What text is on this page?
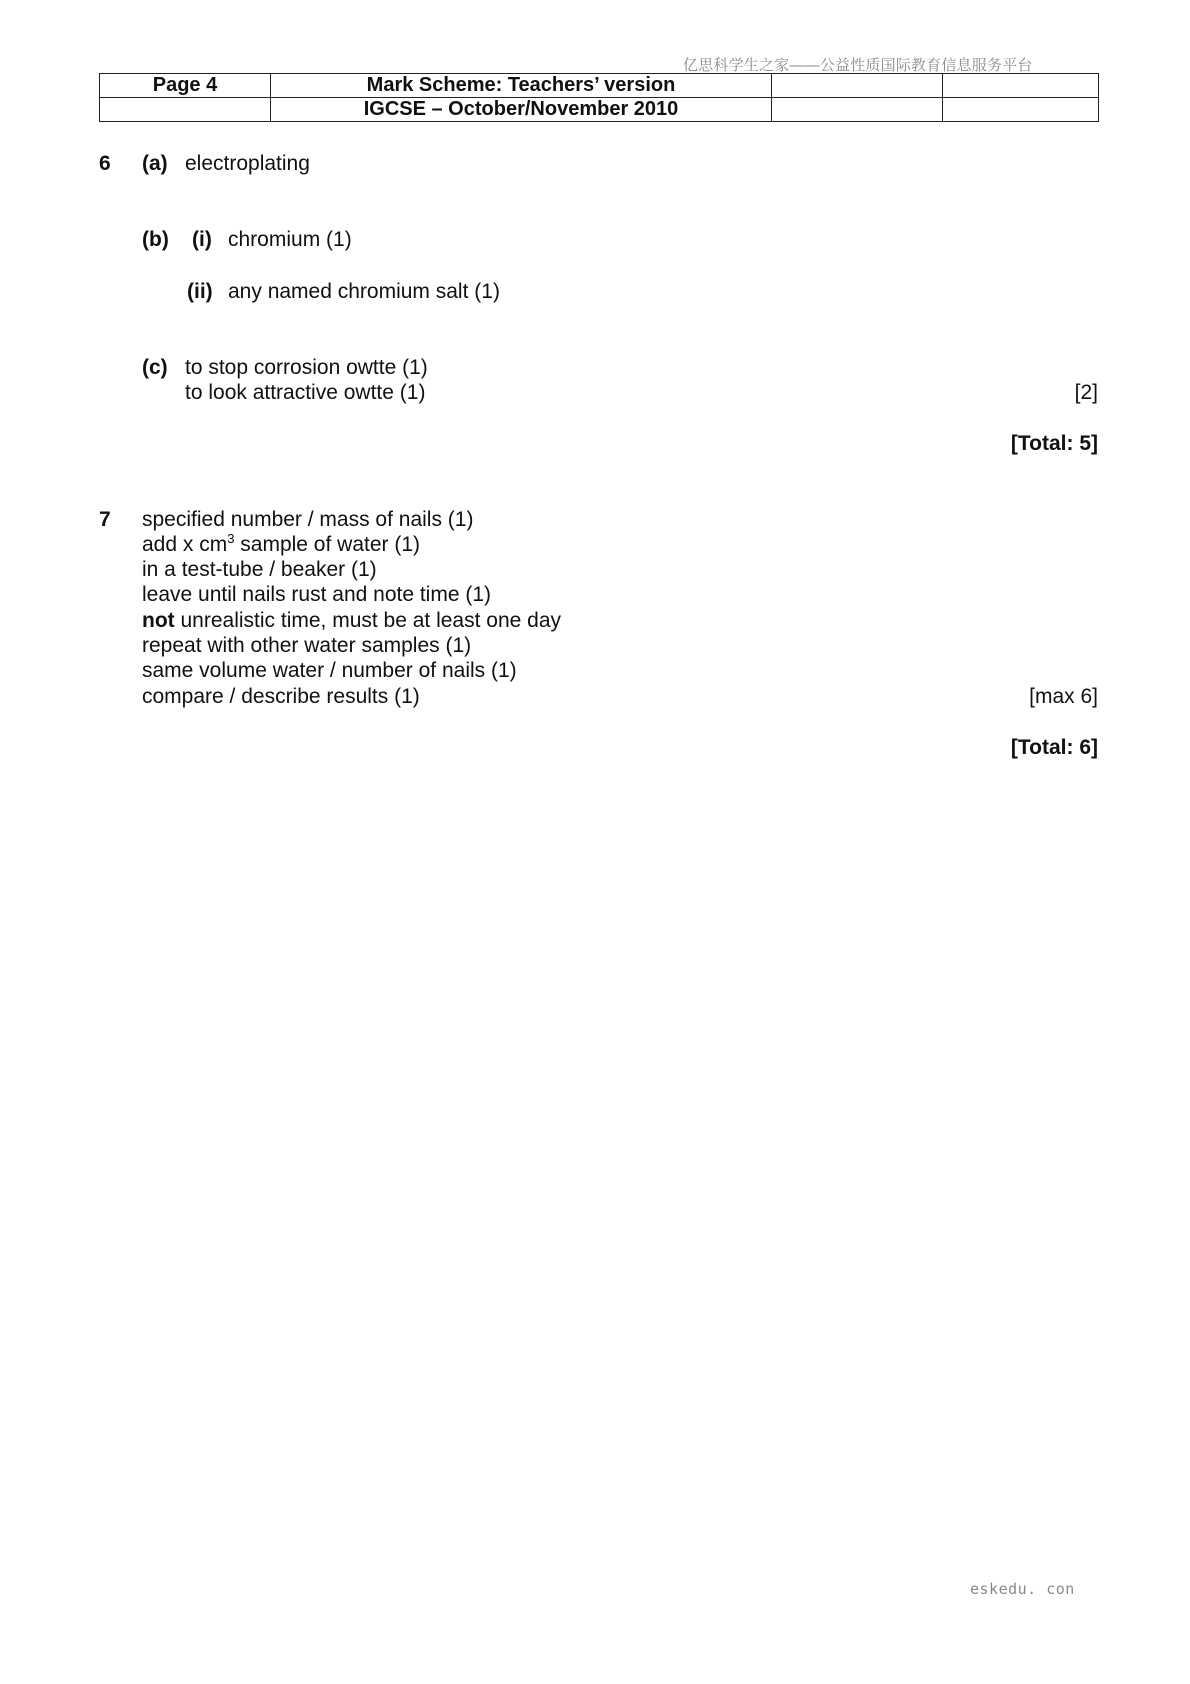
亿思科学生之家——公益性质国际教育信息服务平台
Page 4	Mark Scheme: Teachers’ version		
	IGCSE – October/November 2010		
6 (a) electroplating
(b) (i) chromium (1)
(ii) any named chromium salt (1)
(c) to stop corrosion owtte (1)
to look attractive owtte (1)	[2]
[Total: 5]
7 specified number / mass of nails (1)
add x $cm^3$ sample of water (1)
in a test-tube / beaker (1)
leave until nails rust and note time (1)
not unrealistic time, must be at least one day
repeat with other water samples (1)
same volume water / number of nails (1)
compare / describe results (1)	[max 6]
[Total: 6]
eskedu. con
